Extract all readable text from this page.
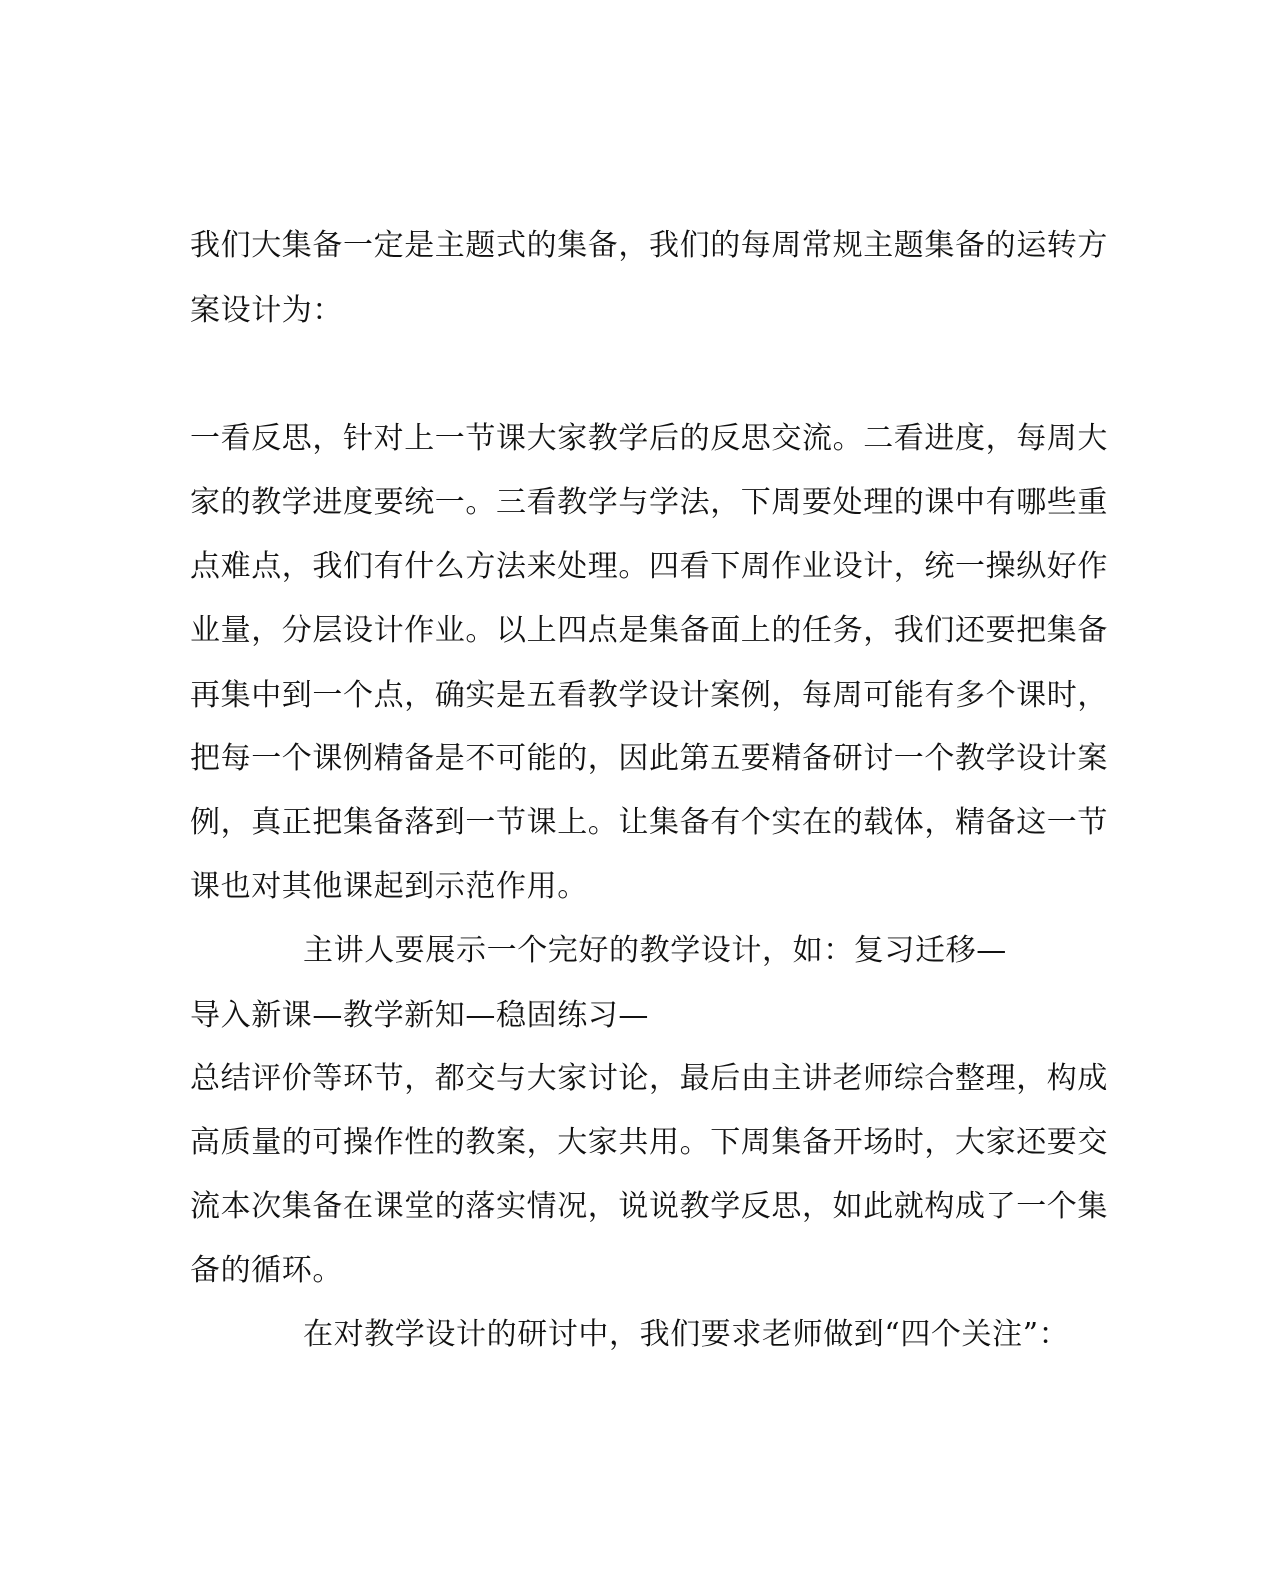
我们大集备一定是主题式的集备，我们的每周常规主题集备的运转方
案设计为：
一看反思，针对上一节课大家教学后的反思交流。二看进度，每周大
家的教学进度要统一。三看教学与学法，下周要处理的课中有哪些重
点难点，我们有什么方法来处理。四看下周作业设计，统一操纵好作
业量，分层设计作业。以上四点是集备面上的任务，我们还要把集备
再集中到一个点，确实是五看教学设计案例，每周可能有多个课时，
把每一个课例精备是不可能的，因此第五要精备研讨一个教学设计案
例，真正把集备落到一节课上。让集备有个实在的载体，精备这一节
课也对其他课起到示范作用。
主讲人要展示一个完好的教学设计，如：复习迁移—
导入新课—教学新知—稳固练习—
总结评价等环节，都交与大家讨论，最后由主讲老师综合整理，构成
高质量的可操作性的教案，大家共用。下周集备开场时，大家还要交
流本次集备在课堂的落实情况，说说教学反思，如此就构成了一个集
备的循环。
在对教学设计的研讨中，我们要求老师做到“四个关注”：
